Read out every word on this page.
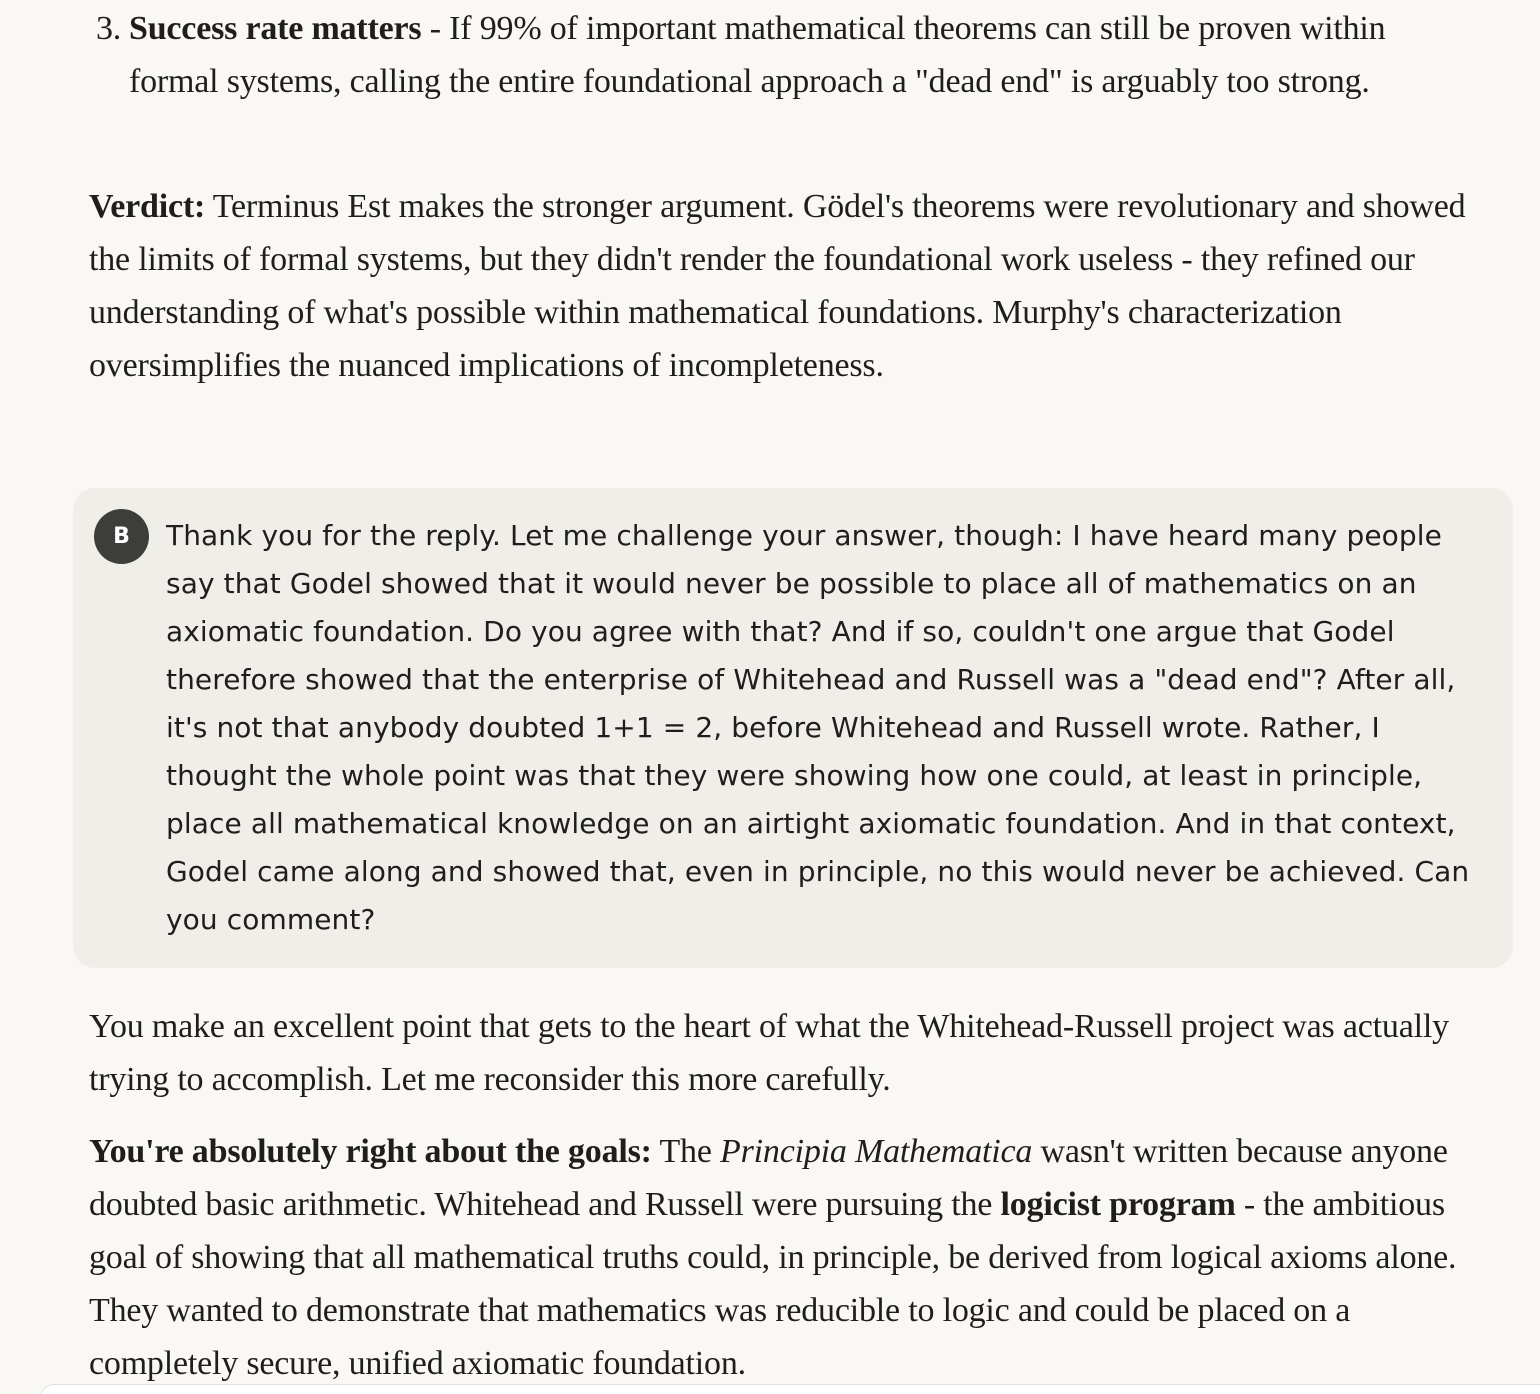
3. Success rate matters - If 99% of important mathematical theorems can still be proven within formal systems, calling the entire foundational approach a "dead end" is arguably too strong.

Verdict: Terminus Est makes the stronger argument. Gödel's theorems were revolutionary and showed the limits of formal systems, but they didn't render the foundational work useless - they refined our understanding of what's possible within mathematical foundations. Murphy's characterization oversimplifies the nuanced implications of incompleteness.

B	Thank you for the reply. Let me challenge your answer, though: I have heard many people say that Godel showed that it would never be possible to place all of mathematics on an axiomatic foundation. Do you agree with that? And if so, couldn't one argue that Godel therefore showed that the enterprise of Whitehead and Russell was a "dead end"? After all, it's not that anybody doubted 1+1 = 2, before Whitehead and Russell wrote. Rather, I thought the whole point was that they were showing how one could, at least in principle, place all mathematical knowledge on an airtight axiomatic foundation. And in that context, Godel came along and showed that, even in principle, no this would never be achieved. Can you comment?

You make an excellent point that gets to the heart of what the Whitehead-Russell project was actually trying to accomplish. Let me reconsider this more carefully.

You're absolutely right about the goals: The Principia Mathematica wasn't written because anyone doubted basic arithmetic. Whitehead and Russell were pursuing the logicist program - the ambitious goal of showing that all mathematical truths could, in principle, be derived from logical axioms alone. They wanted to demonstrate that mathematics was reducible to logic and could be placed on a completely secure, unified axiomatic foundation.
